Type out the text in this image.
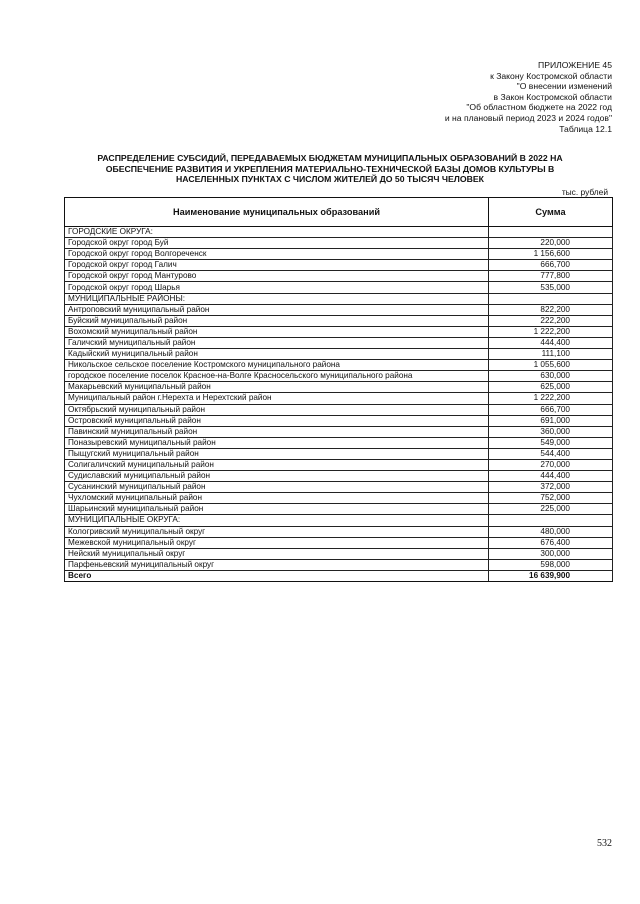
ПРИЛОЖЕНИЕ 45
к Закону Костромской области
"О внесении изменений
в Закон Костромской области
"Об областном бюджете на 2022 год
и на плановый период 2023 и 2024 годов"
Таблица 12.1
РАСПРЕДЕЛЕНИЕ СУБСИДИЙ, ПЕРЕДАВАЕМЫХ БЮДЖЕТАМ МУНИЦИПАЛЬНЫХ ОБРАЗОВАНИЙ В 2022 НА
ОБЕСПЕЧЕНИЕ РАЗВИТИЯ И УКРЕПЛЕНИЯ МАТЕРИАЛЬНО-ТЕХНИЧЕСКОЙ БАЗЫ ДОМОВ КУЛЬТУРЫ В
НАСЕЛЕННЫХ ПУНКТАХ С ЧИСЛОМ ЖИТЕЛЕЙ ДО 50 ТЫСЯЧ ЧЕЛОВЕК
тыс. рублей
Наименование муниципальных образований	Сумма
ГОРОДСКИЕ ОКРУГА:	
Городской округ город Буй	220,000
Городской округ город Волгореченск	1 156,600
Городской округ город Галич	666,700
Городской округ город Мантурово	777,800
Городской округ город Шарья	535,000
МУНИЦИПАЛЬНЫЕ РАЙОНЫ:	
Антроповский муниципальный район	822,200
Буйский муниципальный район	222,200
Вохомский муниципальный район	1 222,200
Галичский муниципальный район	444,400
Кадыйский муниципальный район	111,100
Никольское сельское поселение Костромского муниципального района	1 055,600
городское поселение поселок Красное-на-Волге Красносельского муниципального района	630,000
Макарьевский муниципальный район	625,000
Муниципальный район г.Нерехта и Нерехтский район	1 222,200
Октябрьский муниципальный район	666,700
Островский муниципальный район	691,000
Павинский муниципальный район	360,000
Поназыревский муниципальный район	549,000
Пыщугский муниципальный район	544,400
Солигаличский муниципальный район	270,000
Судиславский муниципальный район	444,400
Сусанинский муниципальный район	372,000
Чухломский муниципальный район	752,000
Шарьинский муниципальный район	225,000
МУНИЦИПАЛЬНЫЕ ОКРУГА:	
Кологривский муниципальный округ	480,000
Межевской муниципальный округ	676,400
Нейский муниципальный округ	300,000
Парфеньевский муниципальный округ	598,000
Всего	16 639,900
532
